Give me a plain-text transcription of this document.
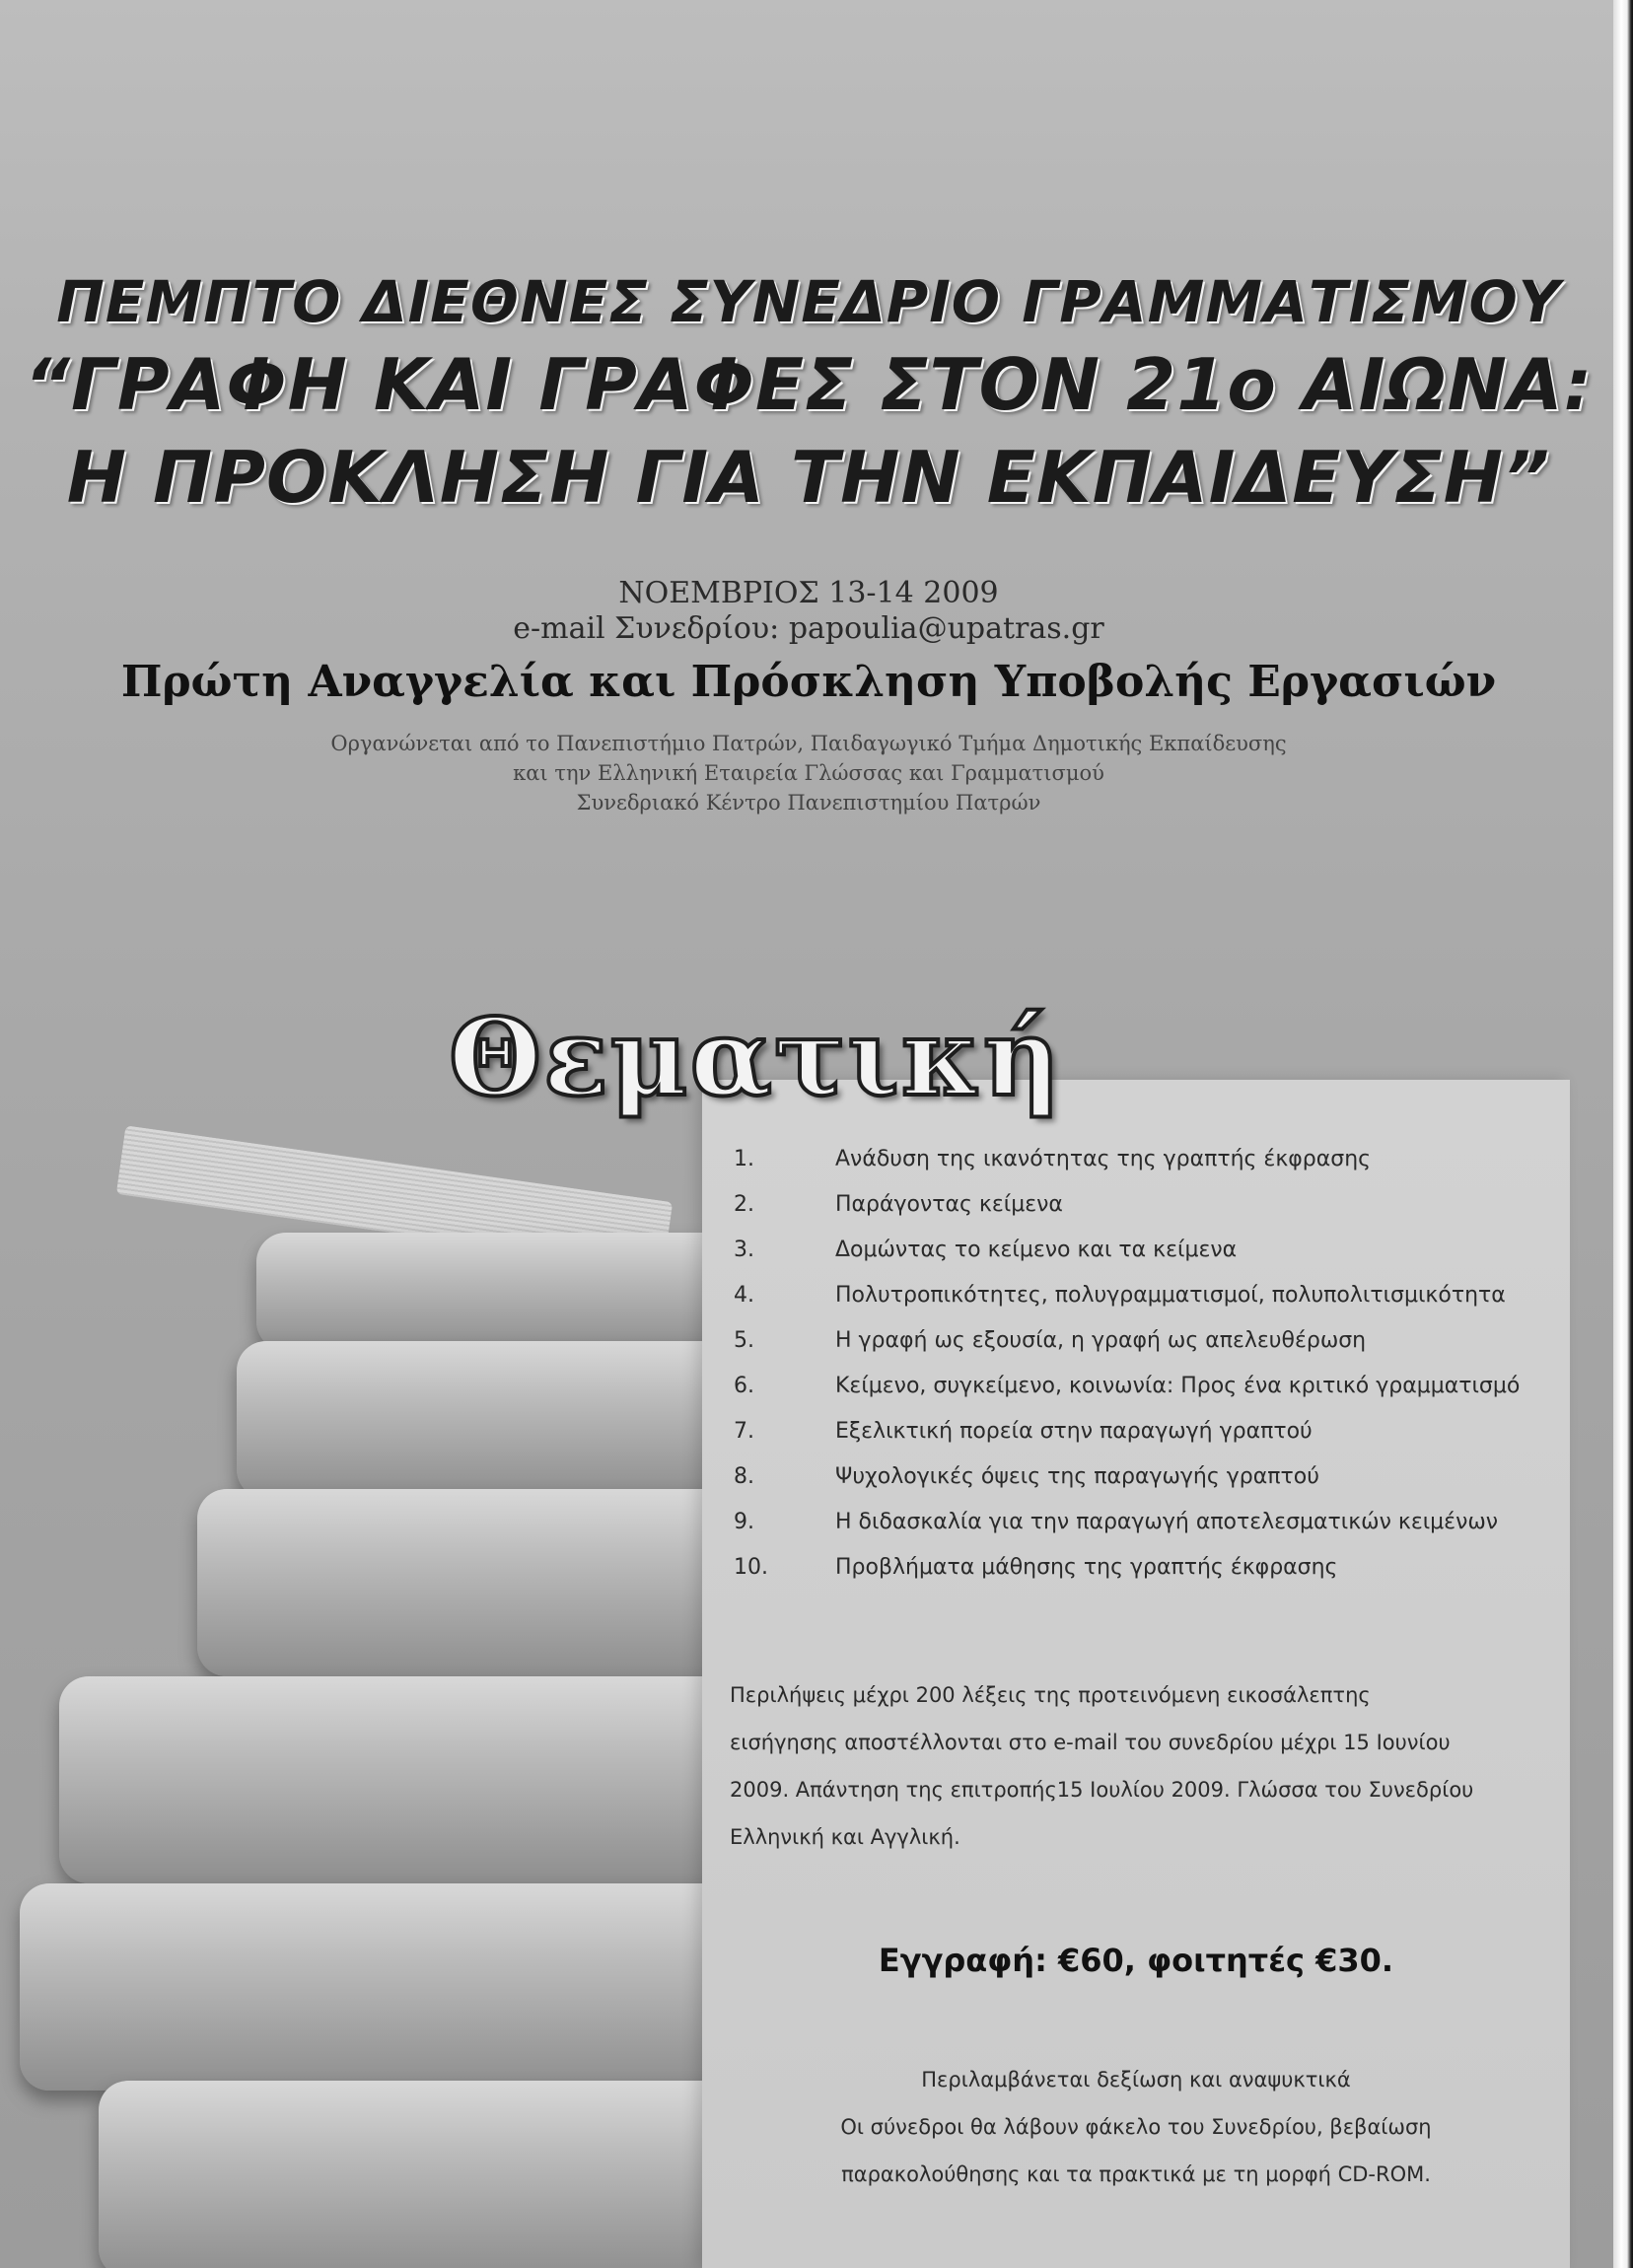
ΠΕΜΠΤΟ ΔΙΕΘΝΕΣ ΣΥΝΕΔΡΙΟ ΓΡΑΜΜΑΤΙΣΜΟΥ
“ΓΡΑΦΗ ΚΑΙ ΓΡΑΦΕΣ ΣΤΟΝ 21ο ΑΙΩΝΑ:
Η ΠΡΟΚΛΗΣΗ ΓΙΑ ΤΗΝ ΕΚΠΑΙΔΕΥΣΗ”
ΝΟΕΜΒΡΙΟΣ 13-14 2009
e-mail Συνεδρίου: papoulia@upatras.gr
Πρώτη Αναγγελία και Πρόσκληση Υποβολής Εργασιών
Οργανώνεται από το Πανεπιστήμιο Πατρών, Παιδαγωγικό Τμήμα Δημοτικής Εκπαίδευσης
και την Ελληνική Εταιρεία Γλώσσας και Γραμματισμού
Συνεδριακό Κέντρο Πανεπιστημίου Πατρών
1.	Ανάδυση της ικανότητας της γραπτής έκφρασης
2.	Παράγοντας κείμενα
3.	Δομώντας το κείμενο και τα κείμενα
4.	Πολυτροπικότητες, πολυγραμματισμοί, πολυπολιτισμικότητα
5.	Η γραφή ως εξουσία, η γραφή ως απελευθέρωση
6.	Κείμενο, συγκείμενο, κοινωνία: Προς ένα κριτικό γραμματισμό
7.	Εξελικτική πορεία στην παραγωγή γραπτού
8.	Ψυχολογικές όψεις της παραγωγής γραπτού
9.	Η διδασκαλία για την παραγωγή αποτελεσματικών κειμένων
10.	Προβλήματα μάθησης της γραπτής έκφρασης
Περιλήψεις μέχρι 200 λέξεις της προτεινόμενη εικοσάλεπτης
εισήγησης αποστέλλονται στο e-mail του συνεδρίου μέχρι 15 Ιουνίου
2009. Απάντηση της επιτροπής15 Ιουλίου 2009. Γλώσσα του Συνεδρίου
Ελληνική και Αγγλική.
Εγγραφή: €60, φοιτητές €30.
Περιλαμβάνεται δεξίωση και αναψυκτικά
Οι σύνεδροι θα λάβουν φάκελο του Συνεδρίου, βεβαίωση
παρακολούθησης και τα πρακτικά με τη μορφή CD-ROM.
Θεματική
